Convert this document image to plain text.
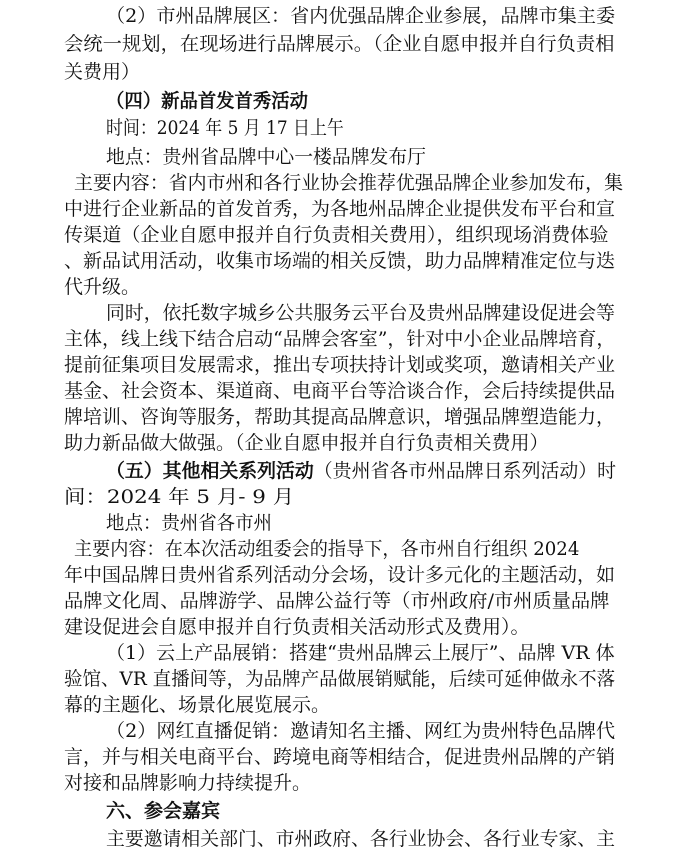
（2）市州品牌展区：省内优强品牌企业参展，品牌市集主委
会统一规划，在现场进行品牌展示。（企业自愿申报并自行负责相
关费用）
（四）新品首发首秀活动
时间：2024 年 5 月 17 日上午
地点：贵州省品牌中心一楼品牌发布厅
主要内容：省内市州和各行业协会推荐优强品牌企业参加发布，集
中进行企业新品的首发首秀，为各地州品牌企业提供发布平台和宣
传渠道（企业自愿申报并自行负责相关费用），组织现场消费体验
、新品试用活动，收集市场端的相关反馈，助力品牌精准定位与迭
代升级。
同时，依托数字城乡公共服务云平台及贵州品牌建设促进会等
主体，线上线下结合启动“品牌会客室”，针对中小企业品牌培育，
提前征集项目发展需求，推出专项扶持计划或奖项，邀请相关产业
基金、社会资本、渠道商、电商平台等洽谈合作，会后持续提供品
牌培训、咨询等服务，帮助其提高品牌意识，增强品牌塑造能力，
助力新品做大做强。（企业自愿申报并自行负责相关费用）
（五）其他相关系列活动（贵州省各市州品牌日系列活动）时
间：2024 年 5 月- 9 月
地点：贵州省各市州
主要内容：在本次活动组委会的指导下，各市州自行组织 2024
年中国品牌日贵州省系列活动分会场，设计多元化的主题活动，如
品牌文化周、品牌游学、品牌公益行等（市州政府/市州质量品牌
建设促进会自愿申报并自行负责相关活动形式及费用）。
（1）云上产品展销：搭建“贵州品牌云上展厅”、品牌 VR 体
验馆、VR 直播间等，为品牌产品做展销赋能，后续可延伸做永不落
幕的主题化、场景化展览展示。
（2）网红直播促销：邀请知名主播、网红为贵州特色品牌代
言，并与相关电商平台、跨境电商等相结合，促进贵州品牌的产销
对接和品牌影响力持续提升。
六、参会嘉宾
主要邀请相关部门、市州政府、各行业协会、各行业专家、主
